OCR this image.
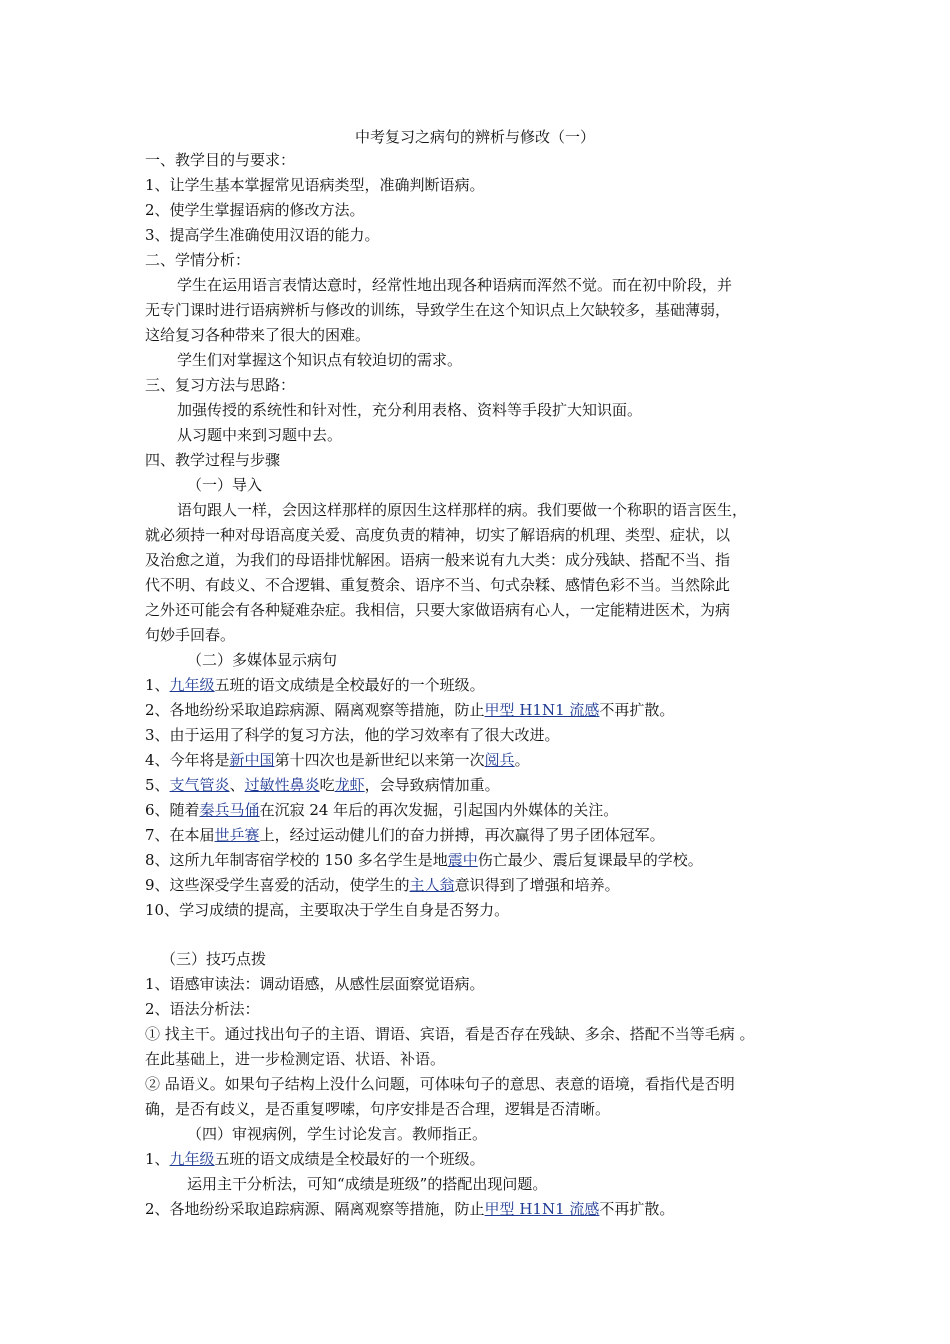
中考复习之病句的辨析与修改（一）
一、教学目的与要求：
1、让学生基本掌握常见语病类型，准确判断语病。
2、使学生掌握语病的修改方法。
3、提高学生准确使用汉语的能力。
二、学情分析：
学生在运用语言表情达意时，经常性地出现各种语病而浑然不觉。而在初中阶段，并
无专门课时进行语病辨析与修改的训练，导致学生在这个知识点上欠缺较多，基础薄弱，
这给复习各种带来了很大的困难。
学生们对掌握这个知识点有较迫切的需求。
三、复习方法与思路：
加强传授的系统性和针对性，充分利用表格、资料等手段扩大知识面。
从习题中来到习题中去。
四、教学过程与步骤
（一）导入
语句跟人一样，会因这样那样的原因生这样那样的病。我们要做一个称职的语言医生，
就必须持一种对母语高度关爱、高度负责的精神，切实了解语病的机理、类型、症状，以
及治愈之道，为我们的母语排忧解困。语病一般来说有九大类：成分残缺、搭配不当、指
代不明、有歧义、不合逻辑、重复赘余、语序不当、句式杂糅、感情色彩不当。当然除此
之外还可能会有各种疑难杂症。我相信，只要大家做语病有心人，一定能精进医术，为病
句妙手回春。
（二）多媒体显示病句
1、九年级五班的语文成绩是全校最好的一个班级。
2、各地纷纷采取追踪病源、隔离观察等措施，防止甲型 H1N1 流感不再扩散。
3、由于运用了科学的复习方法，他的学习效率有了很大改进。
4、今年将是新中国第十四次也是新世纪以来第一次阅兵。
5、支气管炎、过敏性鼻炎吃龙虾，会导致病情加重。
6、随着秦兵马俑在沉寂 24 年后的再次发掘，引起国内外媒体的关注。
7、在本届世乒赛上，经过运动健儿们的奋力拼搏，再次赢得了男子团体冠军。
8、这所九年制寄宿学校的 150 多名学生是地震中伤亡最少、震后复课最早的学校。
9、这些深受学生喜爱的活动，使学生的主人翁意识得到了增强和培养。
10、学习成绩的提高，主要取决于学生自身是否努力。
（三）技巧点拨
1、语感审读法：调动语感，从感性层面察觉语病。
2、语法分析法：
① 找主干。通过找出句子的主语、谓语、宾语，看是否存在残缺、多余、搭配不当等毛病 。
在此基础上，进一步检测定语、状语、补语。
② 品语义。如果句子结构上没什么问题，可体味句子的意思、表意的语境，看指代是否明
确，是否有歧义，是否重复啰嗦，句序安排是否合理，逻辑是否清晰。
（四）审视病例，学生讨论发言。教师指正。
1、九年级五班的语文成绩是全校最好的一个班级。
运用主干分析法，可知“成绩是班级”的搭配出现问题。
2、各地纷纷采取追踪病源、隔离观察等措施，防止甲型 H1N1 流感不再扩散。
